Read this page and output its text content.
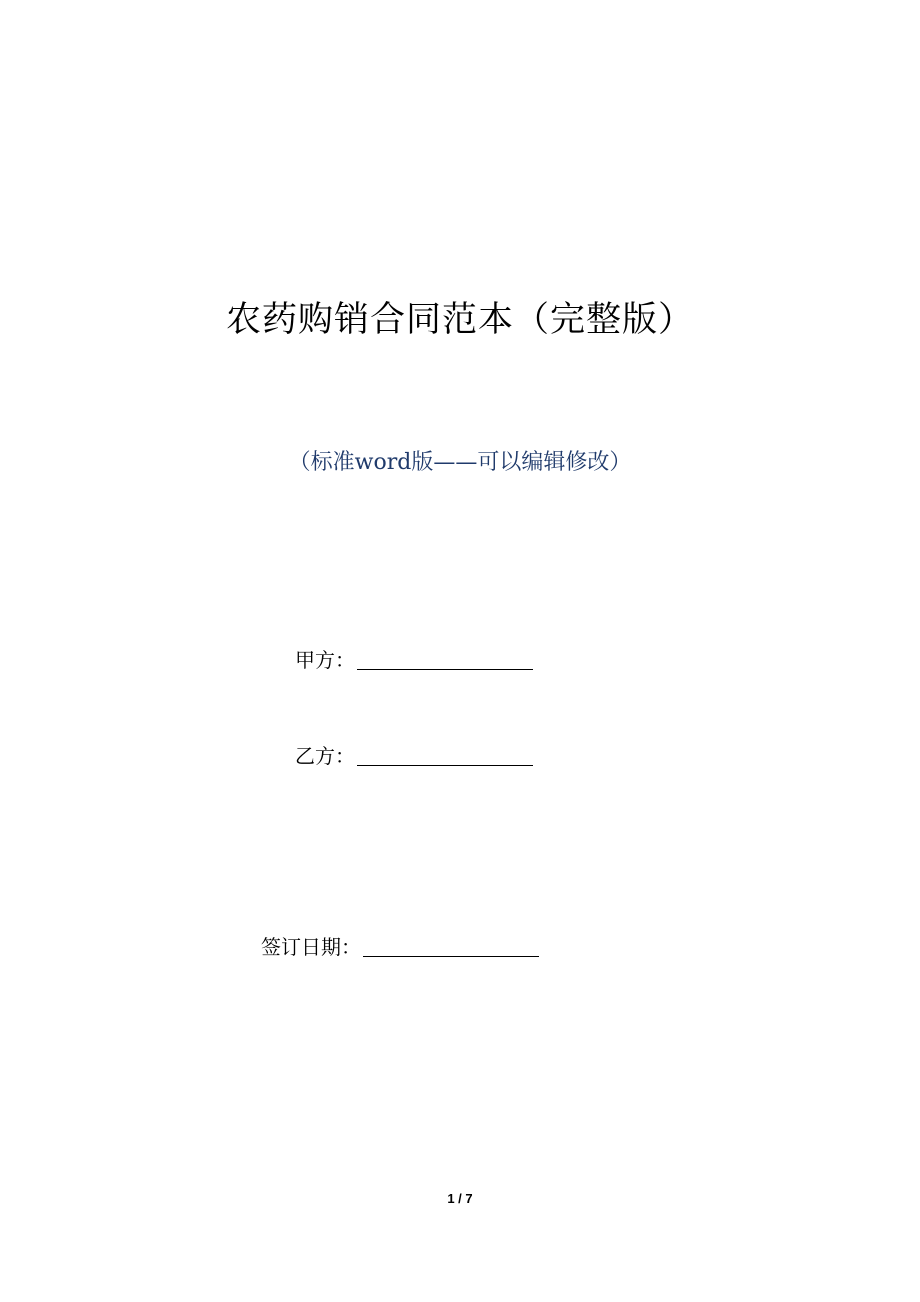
农药购销合同范本（完整版）
（标准word版——可以编辑修改）
甲方：
乙方：
签订日期：
1 / 7
